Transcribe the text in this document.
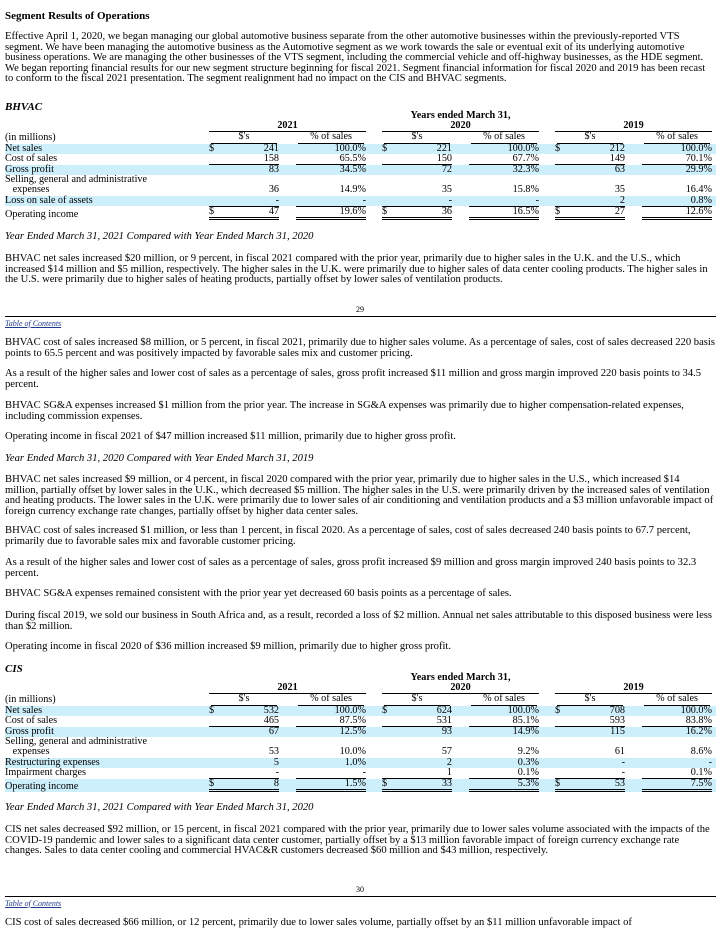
Segment Results of Operations

Effective April 1, 2020, we began managing our global automotive business separate from the other automotive businesses within the previously-reported VTS segment. We have been managing the automotive business as the Automotive segment as we work towards the sale or eventual exit of its underlying automotive business operations. We are managing the other businesses of the VTS segment, including the commercial vehicle and off-highway businesses, as the HDE segment. We began reporting financial results for our new segment structure beginning for fiscal 2021. Segment financial information for fiscal 2020 and 2019 has been recast to conform to the fiscal 2021 presentation. The segment realignment had no impact on the CIS and BHVAC segments.

BHVAC
	Years ended March 31,														
	2021					2020					2019				
(in millions)	$'s			% of sales		$'s			% of sales		$'s			% of sales	

Net sales	$	241		100.0%		$	221		100.0%		$	212		100.0%	
Cost of sales		158		65.5%			150		67.7%			149		70.1%	
Gross profit		83		34.5%			72		32.3%			63		29.9%	
Selling, general and administrative															
expenses		36		14.9%			35		15.8%			35		16.4%	
Loss on sale of assets		-		-			-		-			2		0.8%	
Operating income	$	47		19.6%		$	36		16.5%		$	27		12.6%	

Year Ended March 31, 2021 Compared with Year Ended March 31, 2020

BHVAC net sales increased $20 million, or 9 percent, in fiscal 2021 compared with the prior year, primarily due to higher sales in the U.K. and the U.S., which increased $14 million and $5 million, respectively. The higher sales in the U.K. were primarily due to higher sales of data center cooling products. The higher sales in the U.S. were primarily due to higher sales of heating products, partially offset by lower sales of ventilation products.

29
Table of Contents

BHVAC cost of sales increased $8 million, or 5 percent, in fiscal 2021, primarily due to higher sales volume. As a percentage of sales, cost of sales decreased 220 basis points to 65.5 percent and was positively impacted by favorable sales mix and customer pricing.

As a result of the higher sales and lower cost of sales as a percentage of sales, gross profit increased $11 million and gross margin improved 220 basis points to 34.5 percent.

BHVAC SG&A expenses increased $1 million from the prior year. The increase in SG&A expenses was primarily due to higher compensation-related expenses, including commission expenses.

Operating income in fiscal 2021 of $47 million increased $11 million, primarily due to higher gross profit.

Year Ended March 31, 2020 Compared with Year Ended March 31, 2019

BHVAC net sales increased $9 million, or 4 percent, in fiscal 2020 compared with the prior year, primarily due to higher sales in the U.S., which increased $14 million, partially offset by lower sales in the U.K., which decreased $5 million. The higher sales in the U.S. were primarily driven by the increased sales of ventilation and heating products. The lower sales in the U.K. were primarily due to lower sales of air conditioning and ventilation products and a $3 million unfavorable impact of foreign currency exchange rate changes, partially offset by higher data center sales.

BHVAC cost of sales increased $1 million, or less than 1 percent, in fiscal 2020. As a percentage of sales, cost of sales decreased 240 basis points to 67.7 percent, primarily due to favorable sales mix and favorable customer pricing.

As a result of the higher sales and lower cost of sales as a percentage of sales, gross profit increased $9 million and gross margin improved 240 basis points to 32.3 percent.

BHVAC SG&A expenses remained consistent with the prior year yet decreased 60 basis points as a percentage of sales.

During fiscal 2019, we sold our business in South Africa and, as a result, recorded a loss of $2 million. Annual net sales attributable to this disposed business were less than $2 million.

Operating income in fiscal 2020 of $36 million increased $9 million, primarily due to higher gross profit.

CIS
	Years ended March 31,														
	2021					2020					2019				
(in millions)	$'s			% of sales		$'s			% of sales		$'s			% of sales	

Net sales	$	532		100.0%		$	624		100.0%		$	708		100.0%	
Cost of sales		465		87.5%			531		85.1%			593		83.8%	
Gross profit		67		12.5%			93		14.9%			115		16.2%	
Selling, general and administrative															
expenses		53		10.0%			57		9.2%			61		8.6%	
Restructuring expenses		5		1.0%			2		0.3%			-		-	
Impairment charges		-		-			1		0.1%			-		0.1%	
Operating income	$	8		1.5%		$	33		5.3%		$	53		7.5%	

Year Ended March 31, 2021 Compared with Year Ended March 31, 2020

CIS net sales decreased $92 million, or 15 percent, in fiscal 2021 compared with the prior year, primarily due to lower sales volume associated with the impacts of the COVID-19 pandemic and lower sales to a significant data center customer, partially offset by a $13 million favorable impact of foreign currency exchange rate changes. Sales to data center cooling and commercial HVAC&R customers decreased $60 million and $43 million, respectively.

30
Table of Contents

CIS cost of sales decreased $66 million, or 12 percent, primarily due to lower sales volume, partially offset by an $11 million unfavorable impact of
